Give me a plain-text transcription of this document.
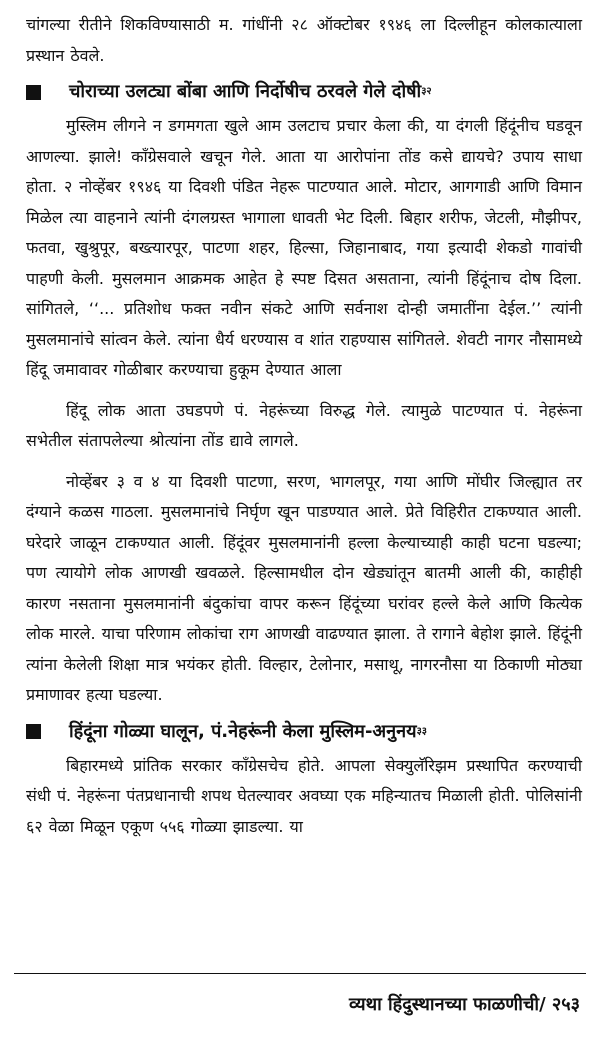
चांगल्या रीतीने शिकविण्यासाठी म. गांधींनी २८ ऑक्टोबर १९४६ ला दिल्लीहून कोलकात्याला प्रस्थान ठेवले.

चोराच्या उलट्या बोंबा आणि निर्दोषीच ठरवले गेले दोषी ३२

मुस्लिम लीगने न डगमगता खुले आम उलटाच प्रचार केला की, या दंगली हिंदूंनीच घडवून आणल्या. झाले! काँग्रेसवाले खचून गेले. आता या आरोपांना तोंड कसे द्यायचे? उपाय साधा होता. २ नोव्हेंबर १९४६ या दिवशी पंडित नेहरू पाटण्यात आले. मोटार, आगगाडी आणि विमान मिळेल त्या वाहनाने त्यांनी दंगलग्रस्त भागाला धावती भेट दिली. बिहार शरीफ, जेटली, मौझीपर, फतवा, खुश्रुपूर, बख्त्यारपूर, पाटणा शहर, हिल्सा, जिहानाबाद, गया इत्यादी शेकडो गावांची पाहणी केली. मुसलमान आक्रमक आहेत हे स्पष्ट दिसत असताना, त्यांनी हिंदूंनाच दोष दिला. सांगितले, ‘‘... प्रतिशोध फक्त नवीन संकटे आणि सर्वनाश दोन्ही जमातींना देईल.’’ त्यांनी मुसलमानांचे सांत्वन केले. त्यांना धैर्य धरण्यास व शांत राहण्यास सांगितले. शेवटी नागर नौसामध्ये हिंदू जमावावर गोळीबार करण्याचा हुकूम देण्यात आला

हिंदू लोक आता उघडपणे पं. नेहरूंच्या विरुद्ध गेले. त्यामुळे पाटण्यात पं. नेहरूंना सभेतील संतापलेल्या श्रोत्यांना तोंड द्यावे लागले.

नोव्हेंबर ३ व ४ या दिवशी पाटणा, सरण, भागलपूर, गया आणि मोंघीर जिल्ह्यात तर दंग्याने कळस गाठला. मुसलमानांचे निर्घृण खून पाडण्यात आले. प्रेते विहिरीत टाकण्यात आली. घरेदारे जाळून टाकण्यात आली. हिंदूंवर मुसलमानांनी हल्ला केल्याच्याही काही घटना घडल्या; पण त्यायोगे लोक आणखी खवळले. हिल्सामधील दोन खेड्यांतून बातमी आली की, काहीही कारण नसताना मुसलमानांनी बंदुकांचा वापर करून हिंदूंच्या घरांवर हल्ले केले आणि कित्येक लोक मारले. याचा परिणाम लोकांचा राग आणखी वाढण्यात झाला. ते रागाने बेहोश झाले. हिंदूंनी त्यांना केलेली शिक्षा मात्र भयंकर होती. विल्हार, टेलोनार, मसाथू, नागरनौसा या ठिकाणी मोठ्या प्रमाणावर हत्या घडल्या.

हिंदूंना गोळ्या घालून, पं.नेहरूंनी केला मुस्लिम-अनुनय ३३

बिहारमध्ये प्रांतिक सरकार काँग्रेसचेच होते. आपला सेक्युलॅरिझम प्रस्थापित करण्याची संधी पं. नेहरूंना पंतप्रधानाची शपथ घेतल्यावर अवघ्या एक महिन्यातच मिळाली होती. पोलिसांनी ६२ वेळा मिळून एकूण ५५६ गोळ्या झाडल्या. या

व्यथा हिंदुस्थानच्या फाळणीची/ २५३
